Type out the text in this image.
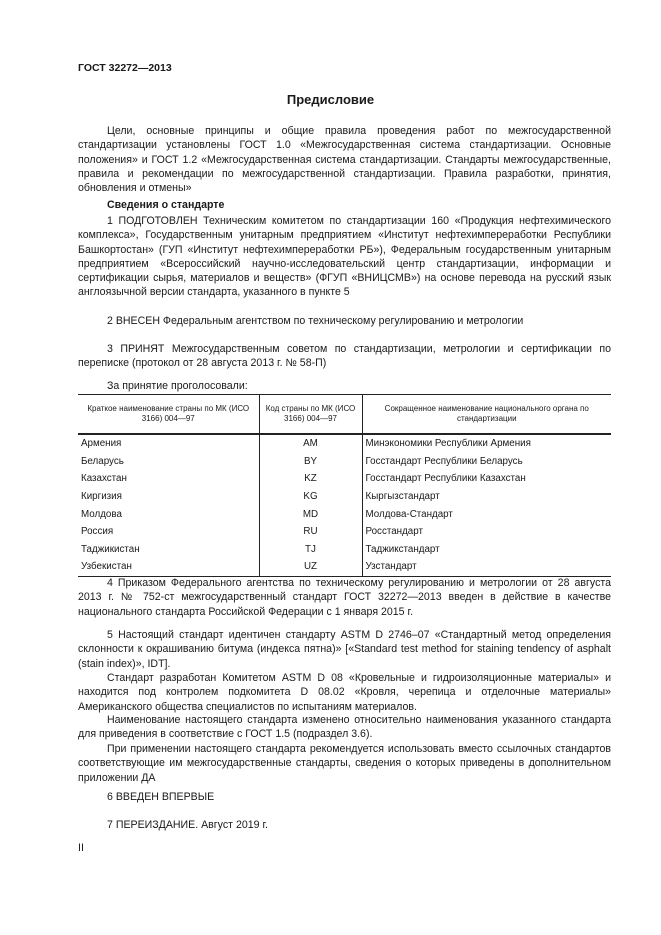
ГОСТ 32272—2013
Предисловие
Цели, основные принципы и общие правила проведения работ по межгосударственной стандартизации установлены ГОСТ 1.0 «Межгосударственная система стандартизации. Основные положения» и ГОСТ 1.2 «Межгосударственная система стандартизации. Стандарты межгосударственные, правила и рекомендации по межгосударственной стандартизации. Правила разработки, принятия, обновления и отмены»
Сведения о стандарте
1 ПОДГОТОВЛЕН Техническим комитетом по стандартизации 160 «Продукция нефтехимического комплекса», Государственным унитарным предприятием «Институт нефтехимпереработки Республики Башкортостан» (ГУП «Институт нефтехимпереработки РБ»), Федеральным государственным унитарным предприятием «Всероссийский научно-исследовательский центр стандартизации, информации и сертификации сырья, материалов и веществ» (ФГУП «ВНИЦСМВ») на основе перевода на русский язык англоязычной версии стандарта, указанного в пункте 5
2 ВНЕСЕН Федеральным агентством по техническому регулированию и метрологии
3 ПРИНЯТ Межгосударственным советом по стандартизации, метрологии и сертификации по переписке (протокол от 28 августа 2013 г. № 58-П)
За принятие проголосовали:
Краткое наименование страны по МК (ИСО 3166) 004—97	Код страны по МК (ИСО 3166) 004—97	Сокращенное наименование национального органа по стандартизации
Армения	AM	Минэкономики Республики Армения
Беларусь	BY	Госстандарт Республики Беларусь
Казахстан	KZ	Госстандарт Республики Казахстан
Киргизия	KG	Кыргызстандарт
Молдова	MD	Молдова-Стандарт
Россия	RU	Росстандарт
Таджикистан	TJ	Таджикстандарт
Узбекистан	UZ	Узстандарт
4 Приказом Федерального агентства по техническому регулированию и метрологии от 28 августа 2013 г. № 752-ст межгосударственный стандарт ГОСТ 32272—2013 введен в действие в качестве национального стандарта Российской Федерации с 1 января 2015 г.
5 Настоящий стандарт идентичен стандарту ASTM D 2746–07 «Стандартный метод определения склонности к окрашиванию битума (индекса пятна)» [«Standard test method for staining tendency of asphalt (stain index)», IDT].
Стандарт разработан Комитетом ASTM D 08 «Кровельные и гидроизоляционные материалы» и находится под контролем подкомитета D 08.02 «Кровля, черепица и отделочные материалы» Американского общества специалистов по испытаниям материалов.
Наименование настоящего стандарта изменено относительно наименования указанного стандарта для приведения в соответствие с ГОСТ 1.5 (подраздел 3.6).
При применении настоящего стандарта рекомендуется использовать вместо ссылочных стандартов соответствующие им межгосударственные стандарты, сведения о которых приведены в дополнительном приложении ДА
6 ВВЕДЕН ВПЕРВЫЕ
7 ПЕРЕИЗДАНИЕ. Август 2019 г.
II
